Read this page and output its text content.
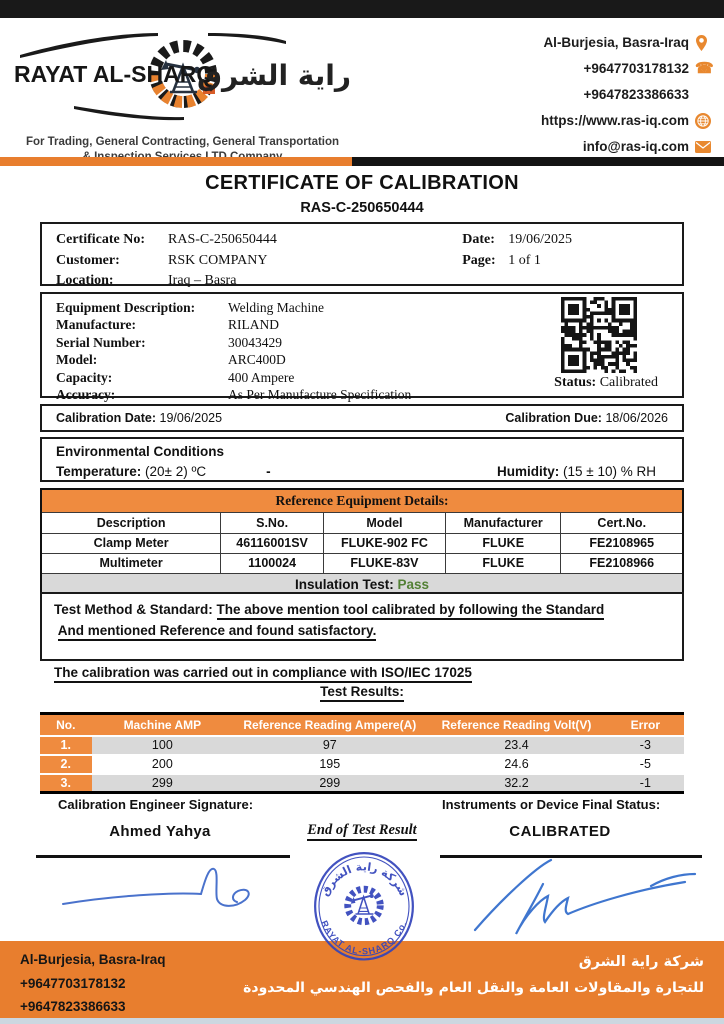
RAYAT AL-SHARQ
راية الشرق
For Trading, General Contracting, General Transportation
Al-Burjesia, Basra-Iraq
+9647703178132 ☎
+9647823386633
https://www.ras-iq.com
info@ras-iq.com
CERTIFICATE OF CALIBRATION
RAS-C-250650444
Certificate No:	RAS-C-250650444
Customer:	RSK COMPANY
Location:	Iraq – Basra
Date: 19/06/2025
Page: 1 of 1
Equipment Description:	Welding Machine
Manufacture:	RILAND
Serial Number:	30043429
Model:	ARC400D
Capacity:	400 Ampere
Accuracy:	As Per Manufacture Specification
Status: Calibrated
Calibration Date: 19/06/2025	Calibration Due: 18/06/2026
Environmental Conditions
Temperature:
(20± 2) ºC	-	Humidity: (15 ± 10) % RH
Reference Equipment Details:				
Description	S.No.	Model	Manufacturer	Cert.No.
Clamp Meter	46116001SV	FLUKE-902 FC	FLUKE	FE2108965
Multimeter	1100024	FLUKE-83V	FLUKE	FE2108966
Insulation Test: Pass				
Test Method & Standard: The above mention tool calibrated by following the Standard
And mentioned Reference and found satisfactory.

The calibration was carried out in compliance with ISO/IEC 17025
Test Results:
No.	Machine AMP	Reference Reading Ampere(A)	Reference Reading Volt(V)	Error
1.	100	97	23.4	-3
2.	200	195	24.6	-5
3.	299	299	32.2	-1
Calibration Engineer Signature:	Instruments or Device Final Status:
Ahmed Yahya	End of Test Result	CALIBRATED
شركة راية الشرق
RAYAT AL-SHARQ Co.
Al-Burjesia, Basra-Iraq
+9647703178132
+9647823386633
شركة راية الشرق
للتجارة والمقاولات العامة والنقل العام والفحص الهندسي المحدودة
